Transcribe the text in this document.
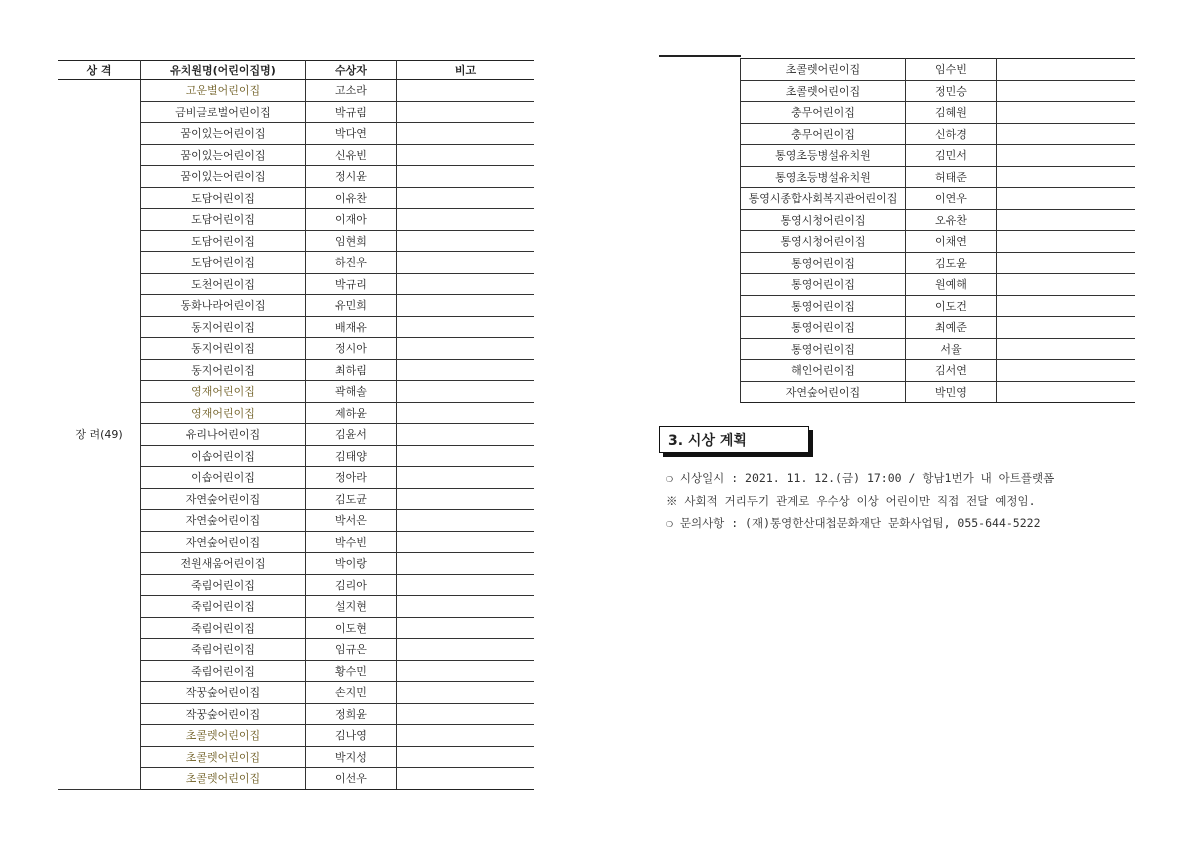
상 격	유치원명(어린이집명)	수상자	비고
장 려(49)	고운별어린이집	고소라	
	금비글로벌어린이집	박규림	
	꿈이있는어린이집	박다연	
	꿈이있는어린이집	신유빈	
	꿈이있는어린이집	정시윤	
	도담어린이집	이유찬	
	도담어린이집	이재아	
	도담어린이집	임현희	
	도담어린이집	하진우	
	도천어린이집	박규리	
	동화나라어린이집	유민희	
	동지어린이집	배재유	
	동지어린이집	정시아	
	동지어린이집	최하림	
	영재어린이집	곽해솔	
	영재어린이집	제하윤	
	유리나어린이집	김윤서	
	이솝어린이집	김태양	
	이솝어린이집	정아라	
	자연숲어린이집	김도균	
	자연숲어린이집	박서은	
	자연숲어린이집	박수빈	
	전원새움어린이집	박이랑	
	죽림어린이집	김리아	
	죽림어린이집	설지현	
	죽림어린이집	이도현	
	죽림어린이집	임규은	
	죽림어린이집	황수민	
	작꿍숲어린이집	손지민	
	작꿍숲어린이집	정희윤	
	초콜렛어린이집	김나영	
	초콜렛어린이집	박지성	
	초콜렛어린이집	이선우	
	초콜렛어린이집	임수빈	
	초콜렛어린이집	정민승	
	충무어린이집	김혜원	
	충무어린이집	신하경	
	통영초등병설유치원	김민서	
	통영초등병설유치원	허태준	
	통영시종합사회복지관어린이집	이연우	
	통영시청어린이집	오유찬	
	통영시청어린이집	이채연	
	통영어린이집	김도윤	
	통영어린이집	원예해	
	통영어린이집	이도건	
	통영어린이집	최예준	
	통영어린이집	서율	
	해인어린이집	김서연	
	자연숲어린이집	박민영	
3. 시상 계획
❍ 시상일시 : 2021. 11. 12.(금) 17:00 / 항남1번가 내 아트플랫폼
※ 사회적 거리두기 관계로 우수상 이상 어린이만 직접 전달 예정임.
❍ 문의사항 : (재)통영한산대첩문화재단 문화사업팀, 055-644-5222
